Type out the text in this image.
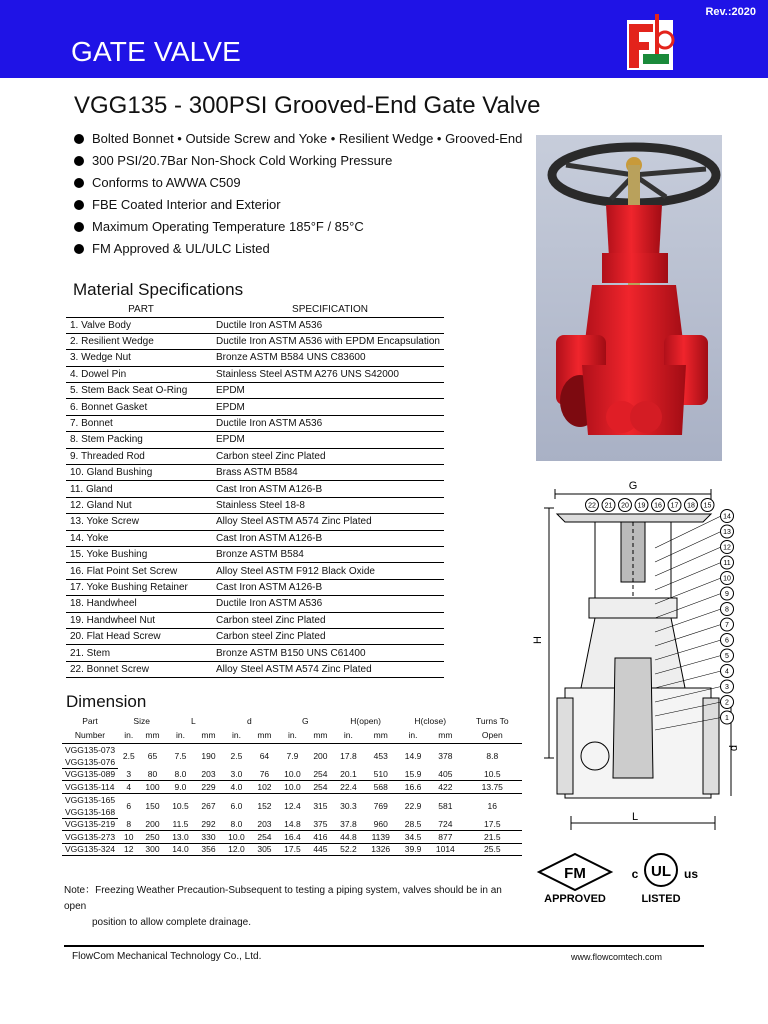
GATE VALVE
Rev.:2020
VGG135 - 300PSI Grooved-End Gate Valve
Bolted Bonnet • Outside Screw and Yoke • Resilient Wedge • Grooved-End
300 PSI/20.7Bar Non-Shock Cold Working Pressure
Conforms to AWWA C509
FBE Coated Interior and Exterior
Maximum Operating Temperature 185°F / 85°C
FM Approved & UL/ULC Listed
Material Specifications
PART	SPECIFICATION
1. Valve Body	Ductile Iron ASTM A536
2. Resilient Wedge	Ductile Iron ASTM A536 with EPDM Encapsulation
3. Wedge Nut	Bronze ASTM B584 UNS C83600
4. Dowel Pin	Stainless Steel ASTM A276 UNS S42000
5. Stem Back Seat O-Ring	EPDM
6. Bonnet Gasket	EPDM
7. Bonnet	Ductile Iron ASTM A536
8. Stem Packing	EPDM
9. Threaded Rod	Carbon steel Zinc Plated
10. Gland Bushing	Brass ASTM B584
11. Gland	Cast Iron ASTM A126-B
12. Gland Nut	Stainless Steel 18-8
13. Yoke Screw	Alloy Steel ASTM A574 Zinc Plated
14. Yoke	Cast Iron ASTM A126-B
15. Yoke Bushing	Bronze ASTM B584
16. Flat Point Set Screw	Alloy Steel ASTM F912 Black Oxide
17. Yoke Bushing Retainer	Cast Iron ASTM A126-B
18. Handwheel	Ductile Iron ASTM A536
19. Handwheel Nut	Carbon steel Zinc Plated
20. Flat Head Screw	Carbon steel Zinc Plated
21. Stem	Bronze ASTM B150 UNS C61400
22. Bonnet Screw	Alloy Steel ASTM A574 Zinc Plated
Dimension
Part	Size		L		d		G		H(open)		H(close)		Turns To
Number	in.	mm	in.	mm	in.	mm	in.	mm	in.	mm	in.	mm	Open
VGG135-073	2.5	65	7.5	190	2.5	64	7.9	200	17.8	453	14.9	378	8.8
VGG135-076													
VGG135-089	3	80	8.0	203	3.0	76	10.0	254	20.1	510	15.9	405	10.5
VGG135-114	4	100	9.0	229	4.0	102	10.0	254	22.4	568	16.6	422	13.75
VGG135-165	6	150	10.5	267	6.0	152	12.4	315	30.3	769	22.9	581	16
VGG135-168													
VGG135-219	8	200	11.5	292	8.0	203	14.8	375	37.8	960	28.5	724	17.5
VGG135-273	10	250	13.0	330	10.0	254	16.4	416	44.8	1139	34.5	877	21.5
VGG135-324	12	300	14.0	356	12.0	305	17.5	445	52.2	1326	39.9	1014	25.5
Note：Freezing Weather Precaution-Subsequent to testing a piping system, valves should be in an open
position to allow complete drainage.
G
H
d
L
22 21 20 19 16 17 18 15
14
13
12
11
10
9
8
7
6
5
4
3
2
1
FM
APPROVED
UL
c	us
LISTED
FlowCom Mechanical Technology Co., Ltd.	www.flowcomtech.com
